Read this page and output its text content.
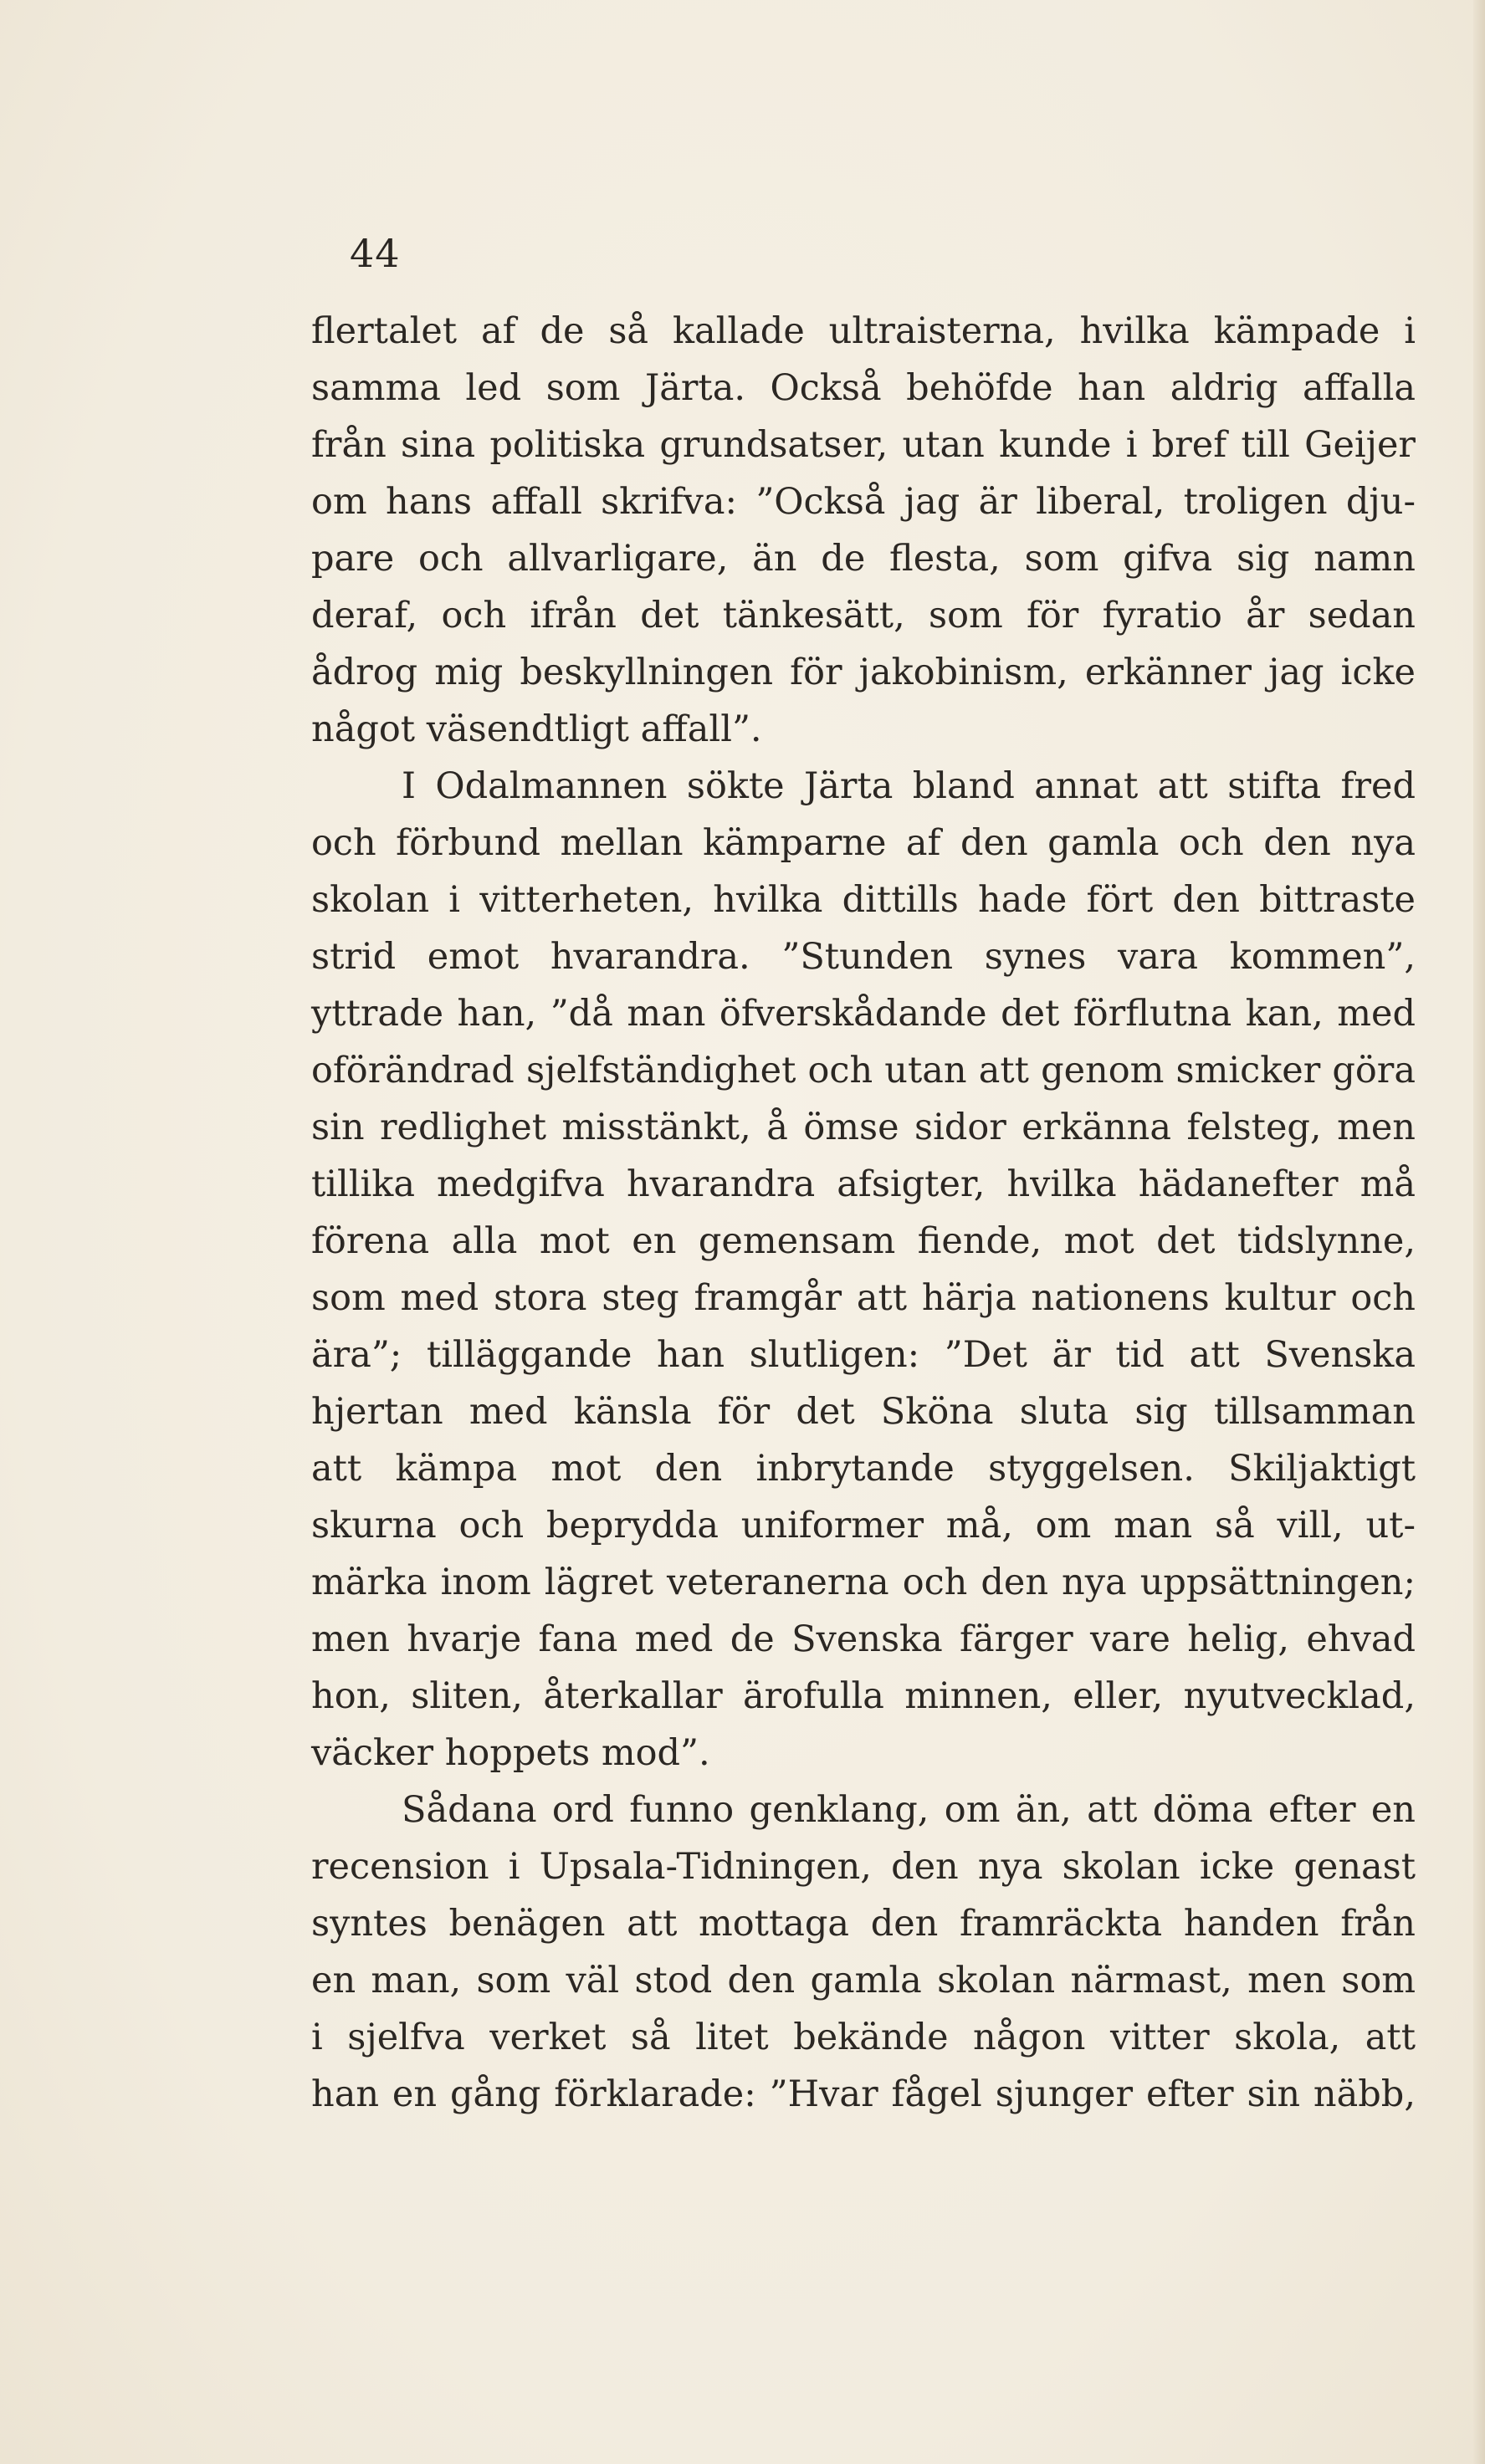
44
flertalet af de så kallade ultraisterna, hvilka kämpade i
samma led som Järta. Också behöfde han aldrig affalla
från sina politiska grundsatser, utan kunde i bref till Geijer
om hans affall skrifva: ”Också jag är liberal, troligen dju-
pare och allvarligare, än de flesta, som gifva sig namn
deraf, och ifrån det tänkesätt, som för fyratio år sedan
ådrog mig beskyllningen för jakobinism, erkänner jag icke
något väsendtligt affall”.
I Odalmannen sökte Järta bland annat att stifta fred
och förbund mellan kämparne af den gamla och den nya
skolan i vitterheten, hvilka dittills hade fört den bittraste
strid emot hvarandra. ”Stunden synes vara kommen”,
yttrade han, ”då man öfverskådande det förflutna kan, med
oförändrad sjelfständighet och utan att genom smicker göra
sin redlighet misstänkt, å ömse sidor erkänna felsteg, men
tillika medgifva hvarandra afsigter, hvilka hädanefter må
förena alla mot en gemensam fiende, mot det tidslynne,
som med stora steg framgår att härja nationens kultur och
ära”; tilläggande han slutligen: ”Det är tid att Svenska
hjertan med känsla för det Sköna sluta sig tillsamman
att kämpa mot den inbrytande styggelsen. Skiljaktigt
skurna och beprydda uniformer må, om man så vill, ut-
märka inom lägret veteranerna och den nya uppsättningen;
men hvarje fana med de Svenska färger vare helig, ehvad
hon, sliten, återkallar ärofulla minnen, eller, nyutvecklad,
väcker hoppets mod”.
Sådana ord funno genklang, om än, att döma efter en
recension i Upsala-Tidningen, den nya skolan icke genast
syntes benägen att mottaga den framräckta handen från
en man, som väl stod den gamla skolan närmast, men som
i sjelfva verket så litet bekände någon vitter skola, att
han en gång förklarade: ”Hvar fågel sjunger efter sin näbb,
